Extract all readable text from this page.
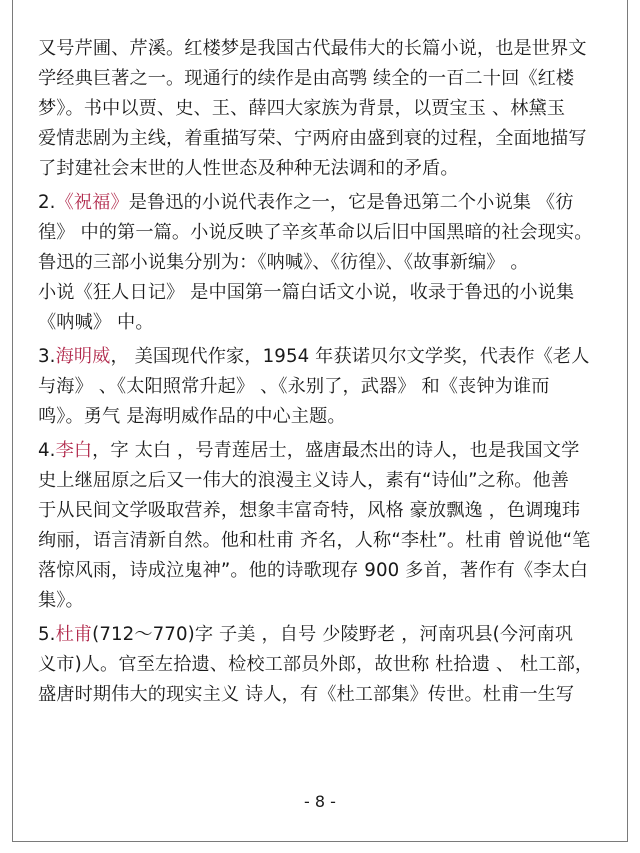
又号芹圃、芹溪。红楼梦是我国古代最伟大的长篇小说，也是世界文
学经典巨著之一。现通行的续作是由高鹗 续全的一百二十回《红楼
梦》。书中以贾、史、王、薛四大家族为背景，以贾宝玉 、林黛玉
爱情悲剧为主线，着重描写荣、宁两府由盛到衰的过程，全面地描写
了封建社会末世的人性世态及种种无法调和的矛盾。
2.《祝福》是鲁迅的小说代表作之一，它是鲁迅第二个小说集 《彷
徨》 中的第一篇。小说反映了辛亥革命以后旧中国黑暗的社会现实。
鲁迅的三部小说集分别为：《呐喊》、《彷徨》、《故事新编》 。
小说《狂人日记》 是中国第一篇白话文小说，收录于鲁迅的小说集
《呐喊》 中。
3.海明威， 美国现代作家，1954 年获诺贝尔文学奖，代表作《老人
与海》 、《太阳照常升起》 、《永别了，武器》 和《丧钟为谁而
鸣》。勇气 是海明威作品的中心主题。
4.李白，字 太白 ，号青莲居士，盛唐最杰出的诗人，也是我国文学
史上继屈原之后又一伟大的浪漫主义诗人，素有“诗仙”之称。他善
于从民间文学吸取营养，想象丰富奇特，风格 豪放飘逸 ，色调瑰玮
绚丽，语言清新自然。他和杜甫 齐名，人称“李杜”。杜甫 曾说他“笔
落惊风雨，诗成泣鬼神”。他的诗歌现存 900 多首，著作有《李太白
集》。
5.杜甫(712～770)字 子美 ，自号 少陵野老 ，河南巩县(今河南巩
义市)人。官至左拾遗、检校工部员外郎，故世称 杜拾遗 、 杜工部，
盛唐时期伟大的现实主义 诗人，有《杜工部集》传世。杜甫一生写
- 8 -
